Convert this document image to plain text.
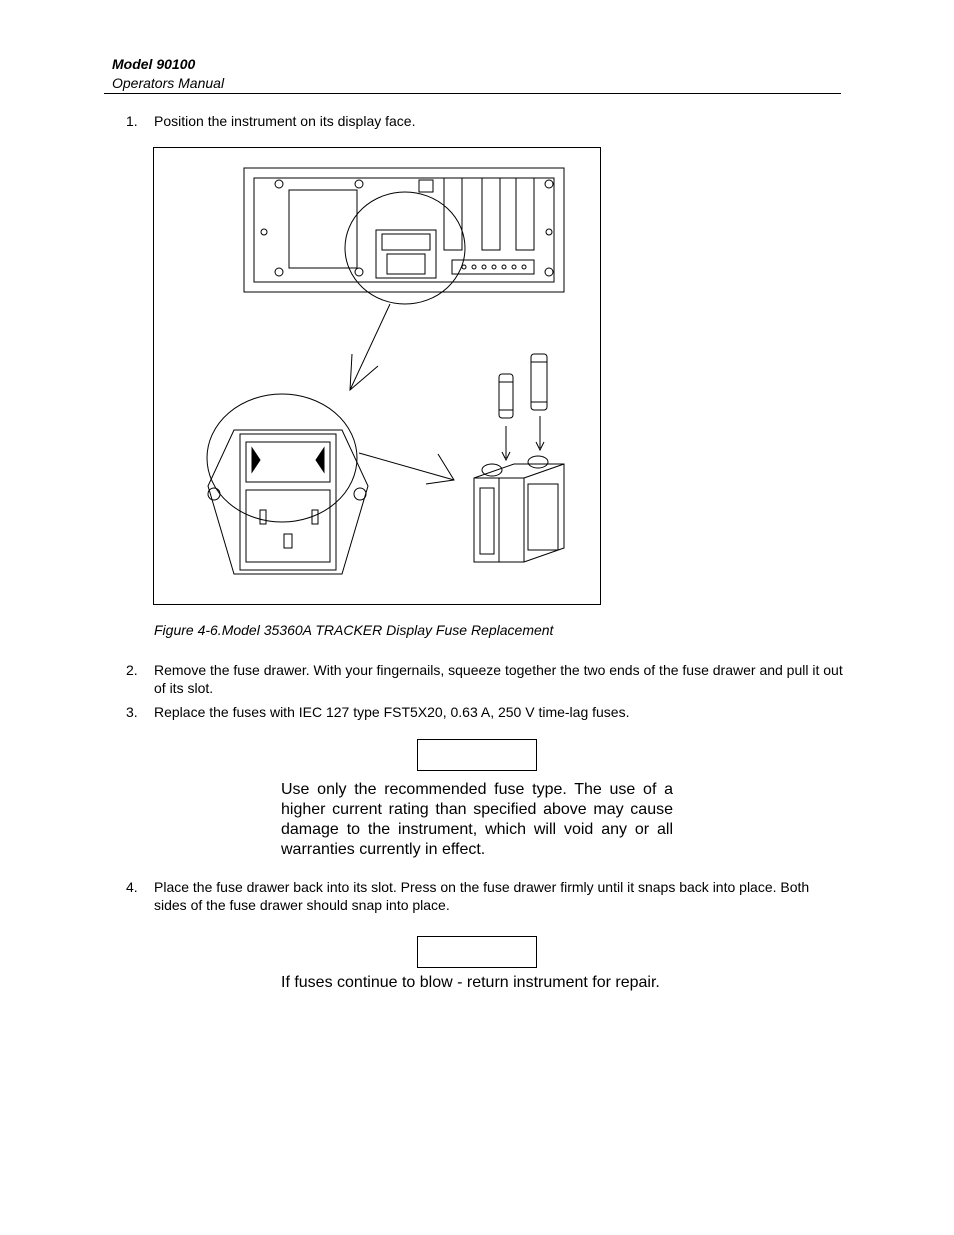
Model 90100
Operators Manual
1. Position the instrument on its display face.
Figure 4-6.Model 35360A TRACKER Display Fuse Replacement
2. Remove the fuse drawer. With your fingernails, squeeze together the two ends of the fuse drawer and pull it out of its slot.
3. Replace the fuses with IEC 127 type FST5X20, 0.63 A, 250 V time-lag fuses.
Use only the recommended fuse type. The use of a higher current rating than specified above may cause damage to the instrument, which will void any or all warranties currently in effect.
4. Place the fuse drawer back into its slot. Press on the fuse drawer firmly until it snaps back into place. Both sides of the fuse drawer should snap into place.
If fuses continue to blow - return instrument for repair.
